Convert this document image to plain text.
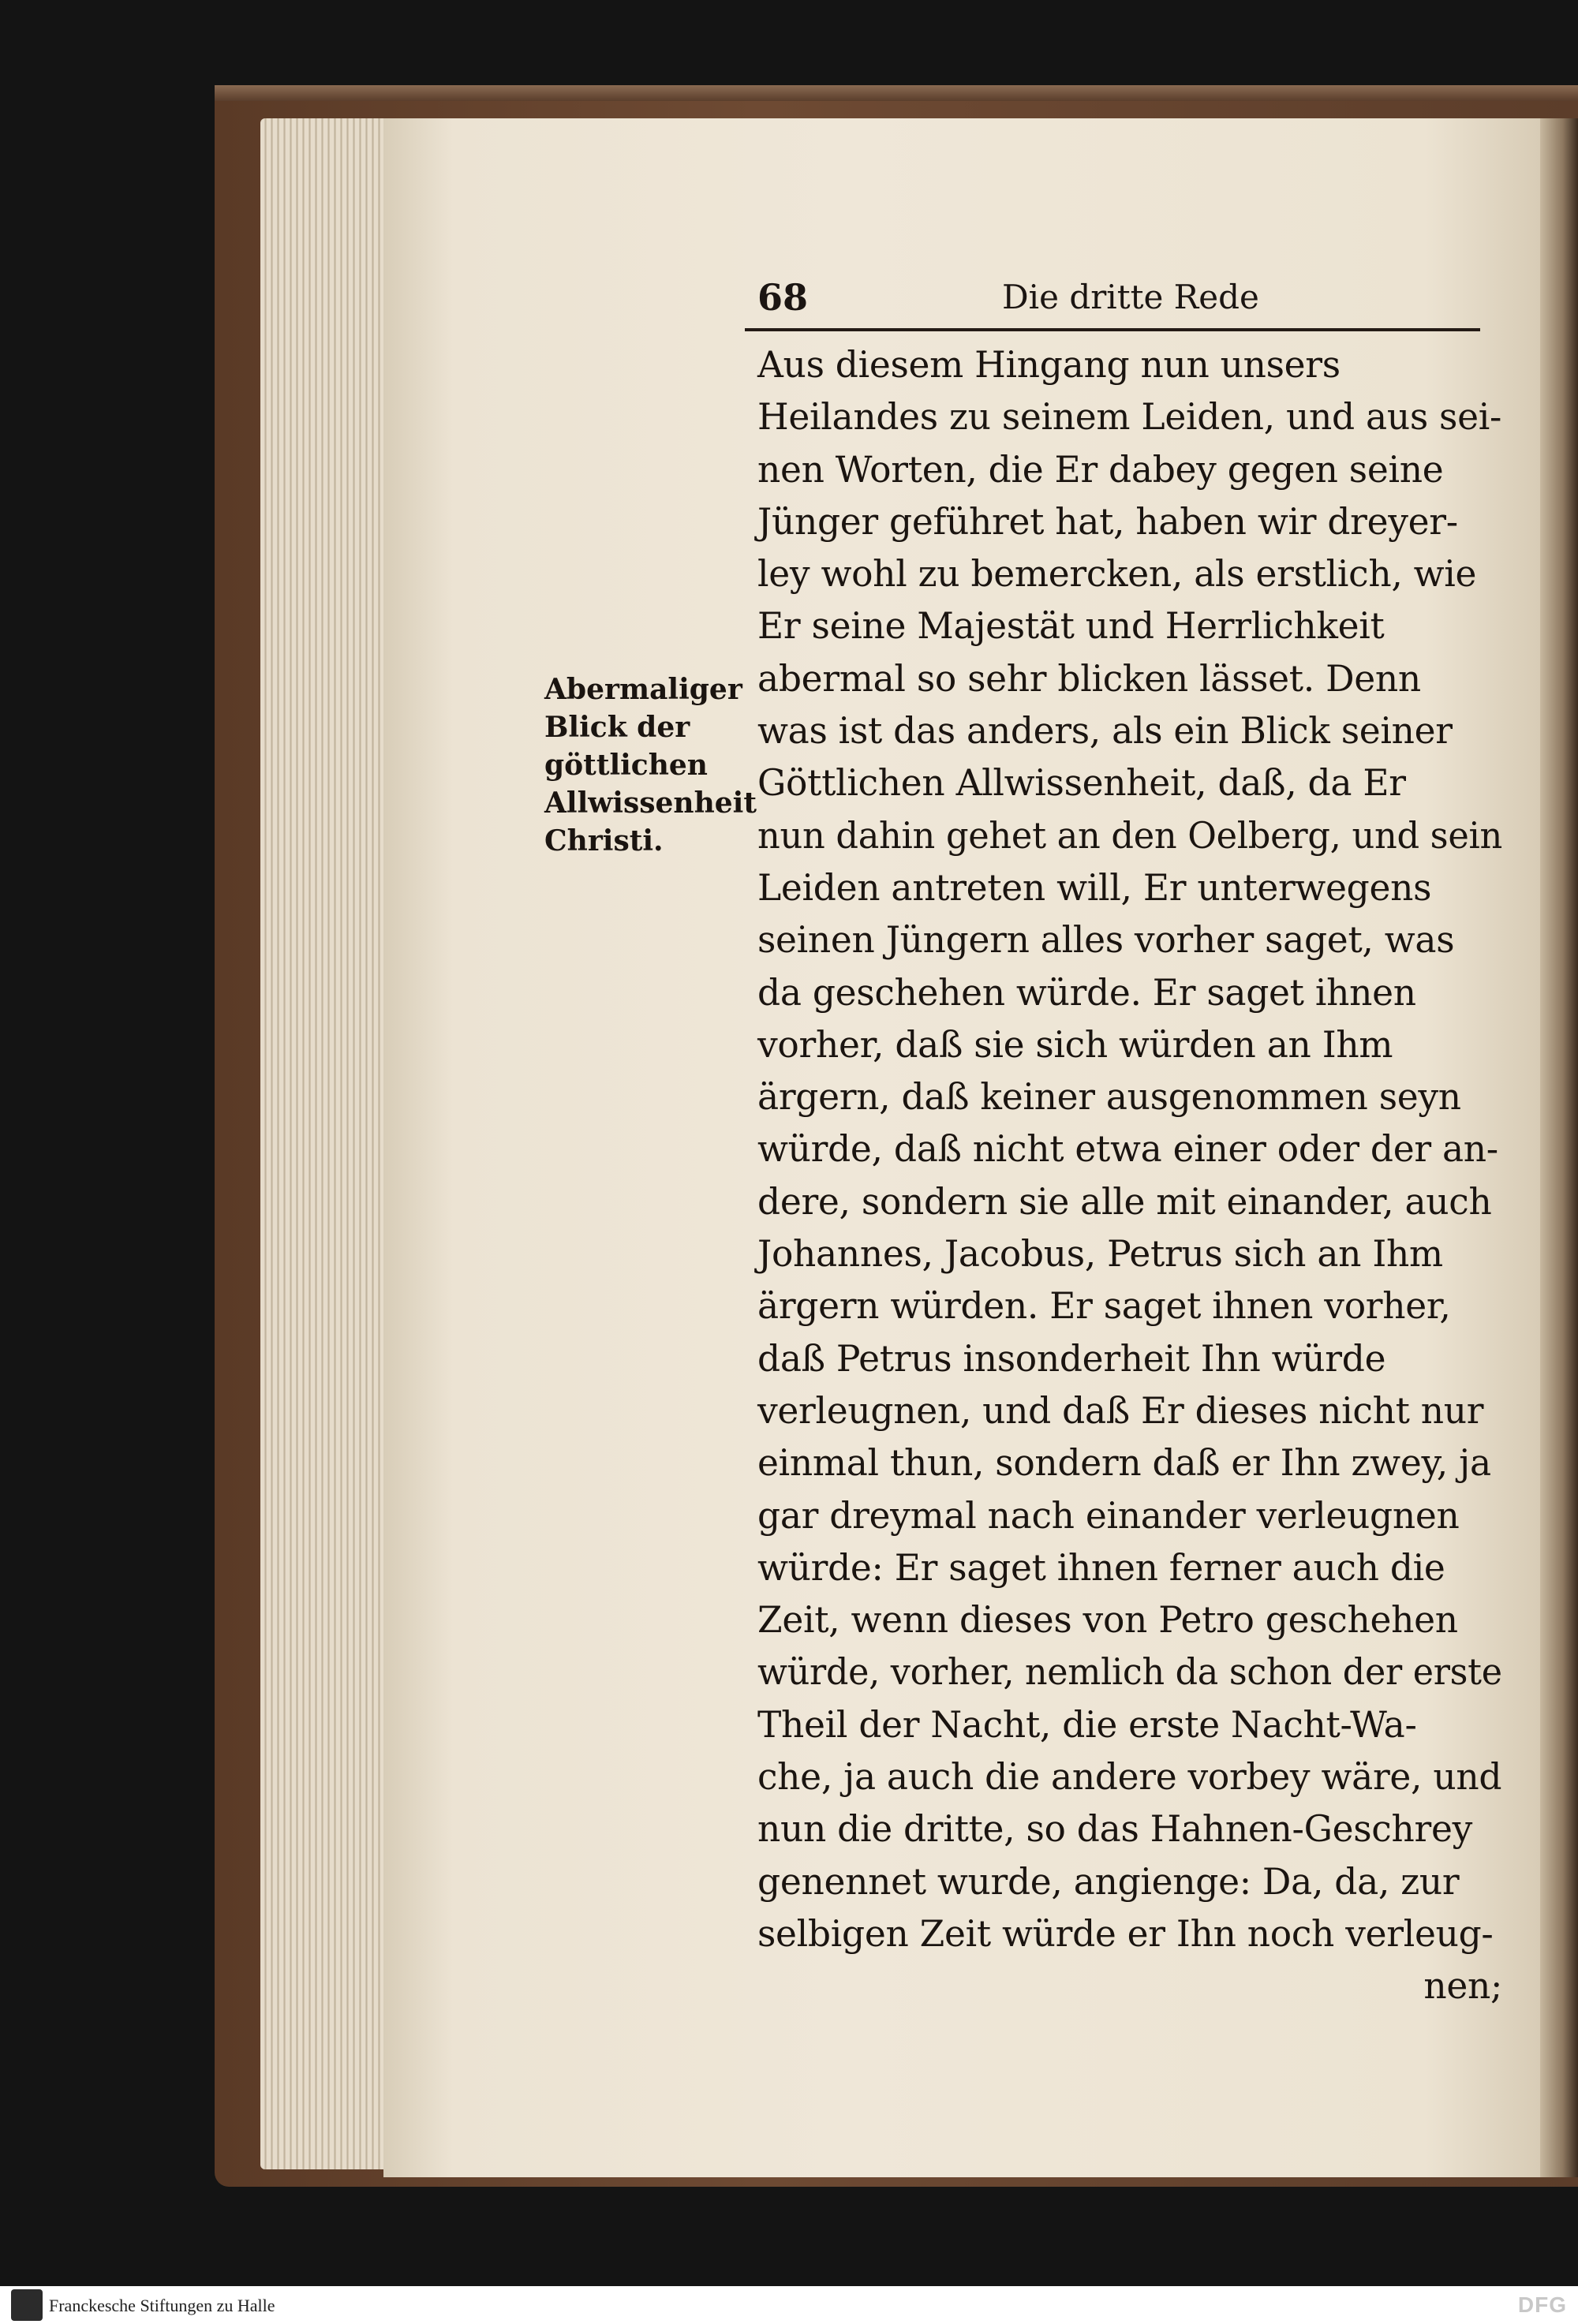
68	Die dritte Rede
Abermaliger
Blick der
göttlichen
Allwissenheit
Christi.
Aus diesem Hingang nun unsers
Heilandes zu seinem Leiden, und aus sei-
nen Worten, die Er dabey gegen seine
Jünger geführet hat, haben wir dreyer-
ley wohl zu bemercken, als erstlich, wie
Er seine Majestät und Herrlichkeit
abermal so sehr blicken lässet. Denn
was ist das anders, als ein Blick seiner
Göttlichen Allwissenheit, daß, da Er
nun dahin gehet an den Oelberg, und sein
Leiden antreten will, Er unterwegens
seinen Jüngern alles vorher saget, was
da geschehen würde. Er saget ihnen
vorher, daß sie sich würden an Ihm
ärgern, daß keiner ausgenommen seyn
würde, daß nicht etwa einer oder der an-
dere, sondern sie alle mit einander, auch
Johannes, Jacobus, Petrus sich an Ihm
ärgern würden. Er saget ihnen vorher,
daß Petrus insonderheit Ihn würde
verleugnen, und daß Er dieses nicht nur
einmal thun, sondern daß er Ihn zwey, ja
gar dreymal nach einander verleugnen
würde: Er saget ihnen ferner auch die
Zeit, wenn dieses von Petro geschehen
würde, vorher, nemlich da schon der erste
Theil der Nacht, die erste Nacht-Wa-
che, ja auch die andere vorbey wäre, und
nun die dritte, so das Hahnen-Geschrey
genennet wurde, angienge: Da, da, zur
selbigen Zeit würde er Ihn noch verleug-
nen;
Franckesche Stiftungen zu Halle	DFG
